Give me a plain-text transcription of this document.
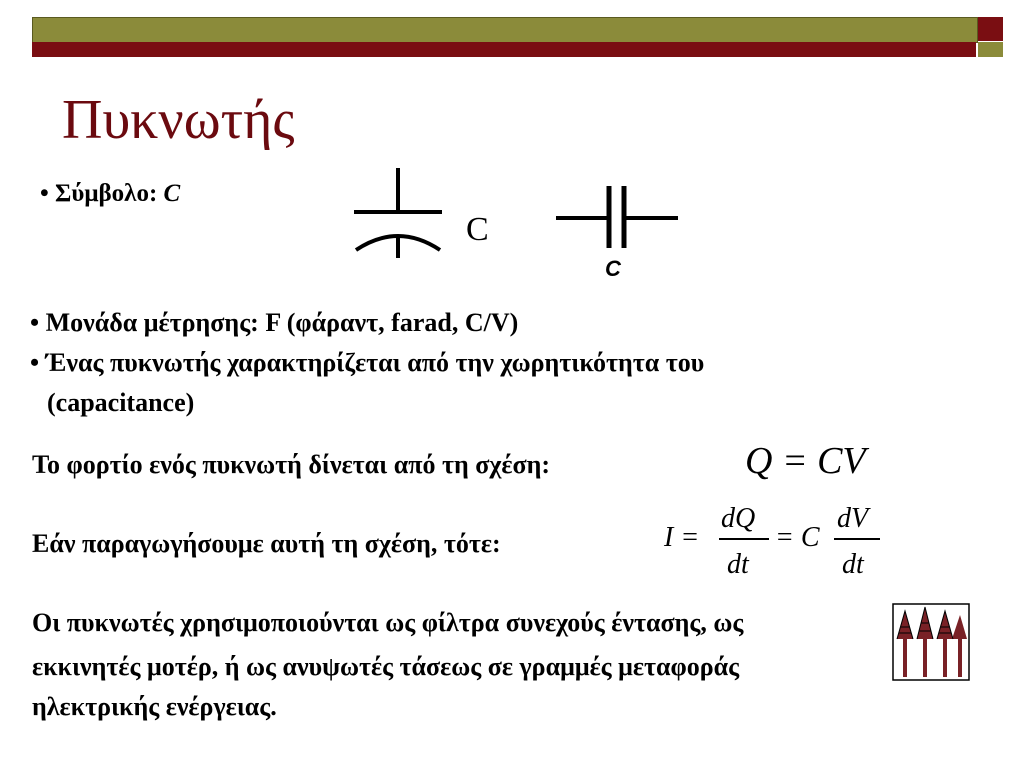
Πυκνωτής
• Σύμβολο: C
C
C
• Μονάδα μέτρησης: F (φάραντ, farad, C/V)
• Ένας πυκνωτής χαρακτηρίζεται από την χωρητικότητα του
(capacitance)
Το φορτίο ενός πυκνωτή δίνεται από τη σχέση:	Q = CV
Εάν παραγωγήσουμε αυτή τη σχέση, τότε:	I =
dQ
dt
= C
dV
dt
Οι πυκνωτές χρησιμοποιούνται ως φίλτρα συνεχούς έντασης, ως
εκκινητές μοτέρ, ή ως ανυψωτές τάσεως σε γραμμές μεταφοράς
ηλεκτρικής ενέργειας.
